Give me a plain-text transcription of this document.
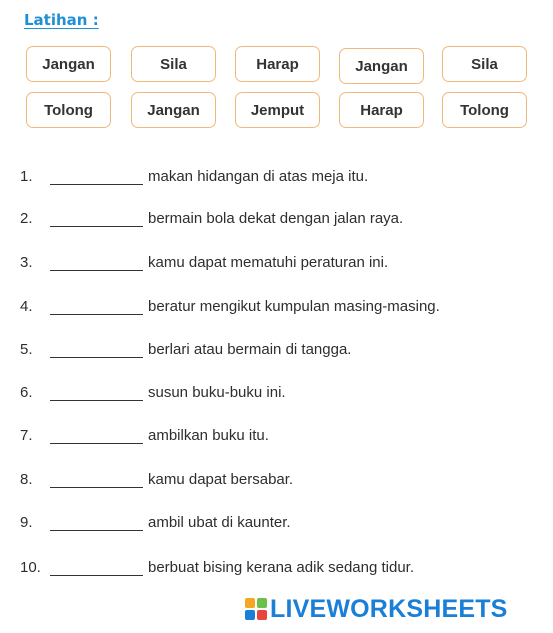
Latihan :
Jangan	Sila	Harap	Jangan	Sila
Tolong	Jangan	Jemput	Harap	Tolong
1.	makan hidangan di atas meja itu.
2.	bermain bola dekat dengan jalan raya.
3.	kamu dapat mematuhi peraturan ini.
4.	beratur mengikut kumpulan masing-masing.
5.	berlari atau bermain di tangga.
6.	susun buku-buku ini.
7.	ambilkan buku itu.
8.	kamu dapat bersabar.
9.	ambil ubat di kaunter.
10.	berbuat bising kerana adik sedang tidur.
LIVEWORKSHEETS
